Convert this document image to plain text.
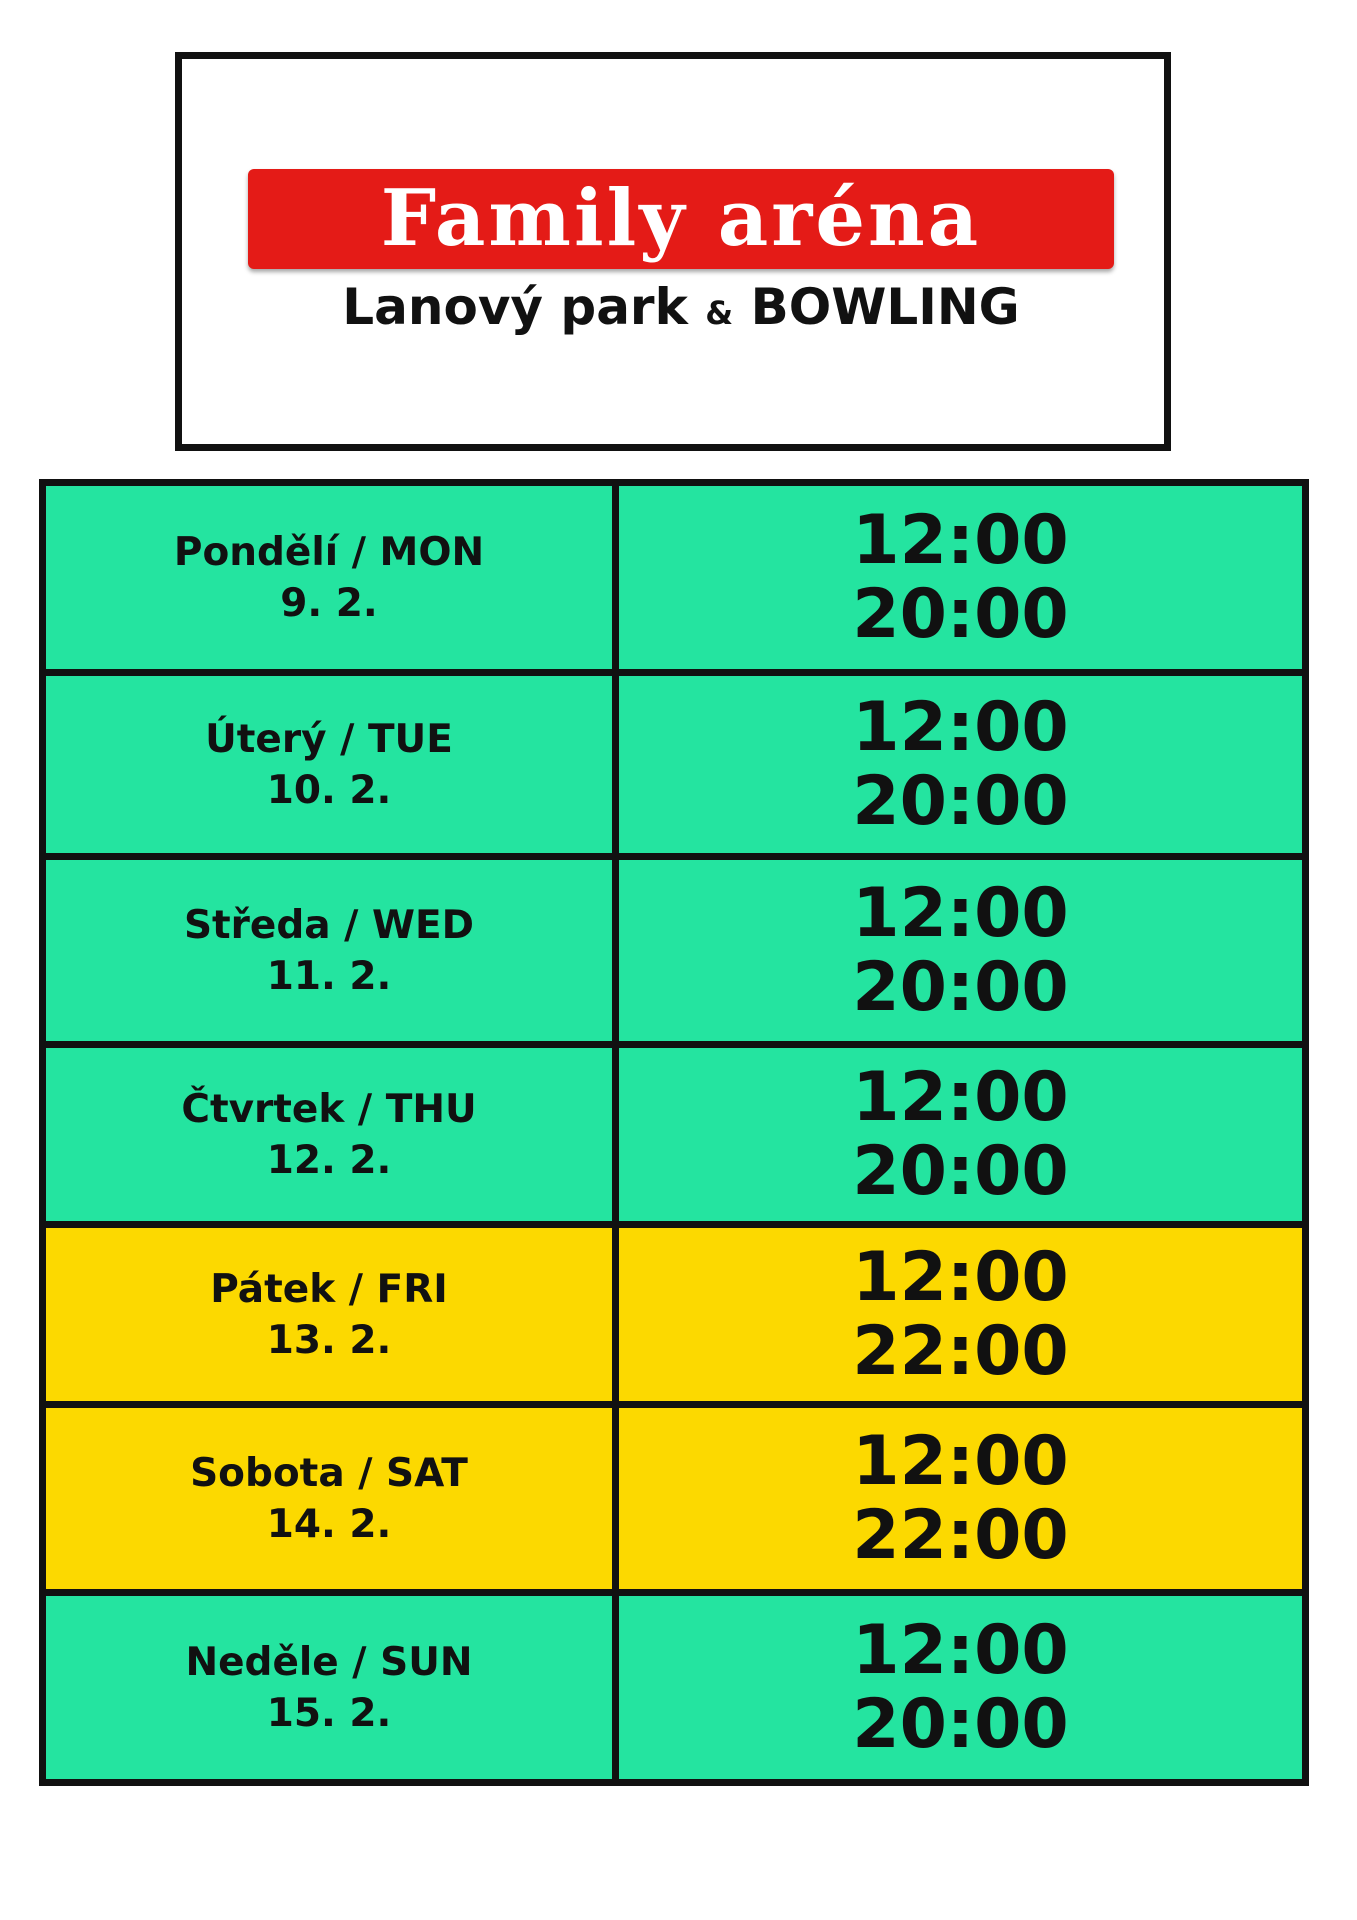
Family aréna
Lanový park & BOWLING
Pondělí / MON
9. 2.	12:00
20:00

Úterý / TUE
10. 2.	12:00
20:00

Středa / WED
11. 2.	12:00
20:00

Čtvrtek / THU
12. 2.	12:00
20:00

Pátek / FRI
13. 2.	12:00
22:00

Sobota / SAT
14. 2.	12:00
22:00

Neděle / SUN
15. 2.	12:00
20:00
